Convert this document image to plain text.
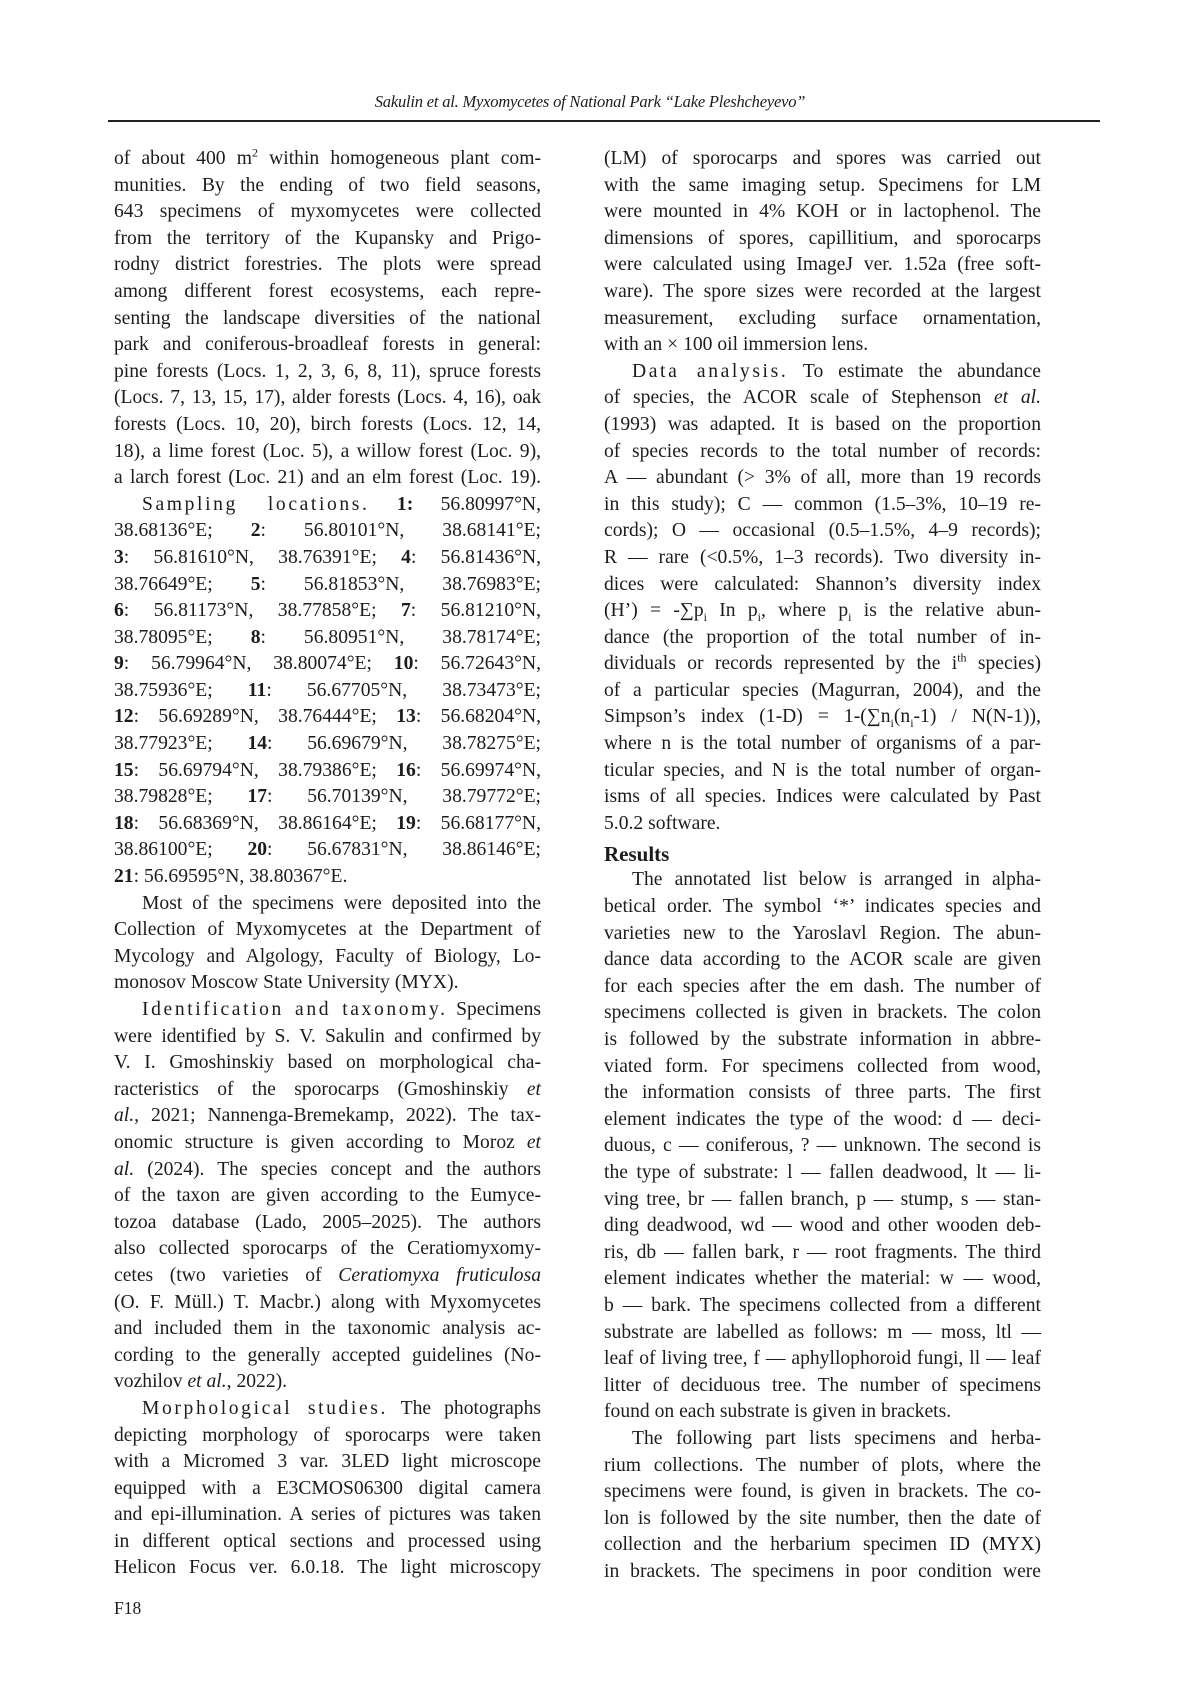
Sakulin et al. Myxomycetes of National Park “Lake Pleshcheyevo”
of about 400 $m^2$ within homogeneous plant com-
munities. By the ending of two field seasons,
643 specimens of myxomycetes were collected
from the territory of the Kupansky and Prigo-
rodny district forestries. The plots were spread
among different forest ecosystems, each repre-
senting the landscape diversities of the national
park and coniferous-broadleaf forests in general:
pine forests (Locs. 1, 2, 3, 6, 8, 11), spruce forests
(Locs. 7, 13, 15, 17), alder forests (Locs. 4, 16), oak
forests (Locs. 10, 20), birch forests (Locs. 12, 14,
18), a lime forest (Loc. 5), a willow forest (Loc. 9),
a larch forest (Loc. 21) and an elm forest (Loc. 19).
Sampling locations. 1: 56.80997°N,
38.68136°E; 2: 56.80101°N, 38.68141°E;
3: 56.81610°N, 38.76391°E; 4: 56.81436°N,
38.76649°E; 5: 56.81853°N, 38.76983°E;
6: 56.81173°N, 38.77858°E; 7: 56.81210°N,
38.78095°E; 8: 56.80951°N, 38.78174°E;
9: 56.79964°N, 38.80074°E; 10: 56.72643°N,
38.75936°E; 11: 56.67705°N, 38.73473°E;
12: 56.69289°N, 38.76444°E; 13: 56.68204°N,
38.77923°E; 14: 56.69679°N, 38.78275°E;
15: 56.69794°N, 38.79386°E; 16: 56.69974°N,
38.79828°E; 17: 56.70139°N, 38.79772°E;
18: 56.68369°N, 38.86164°E; 19: 56.68177°N,
38.86100°E; 20: 56.67831°N, 38.86146°E;
21: 56.69595°N, 38.80367°E.
Most of the specimens were deposited into the
Collection of Myxomycetes at the Department of
Mycology and Algology, Faculty of Biology, Lo-
monosov Moscow State University (MYX).
Identification and taxonomy. Specimens
were identified by S. V. Sakulin and confirmed by
V. I. Gmoshinskiy based on morphological cha-
racteristics of the sporocarps (Gmoshinskiy et
al., 2021; Nannenga-Bremekamp, 2022). The tax-
onomic structure is given according to Moroz et
al. (2024). The species concept and the authors
of the taxon are given according to the Eumyce-
tozoa database (Lado, 2005–2025). The authors
also collected sporocarps of the Ceratiomyxomy-
cetes (two varieties of Ceratiomyxa fruticulosa
(O. F. Müll.) T. Macbr.) along with Myxomycetes
and included them in the taxonomic analysis ac-
cording to the generally accepted guidelines (No-
vozhilov et al., 2022).
Morphological studies. The photographs
depicting morphology of sporocarps were taken
with a Micromed 3 var. 3LED light microscope
equipped with a E3CMOS06300 digital camera
and epi-illumination. A series of pictures was taken
in different optical sections and processed using
Helicon Focus ver. 6.0.18. The light microscopy
(LM) of sporocarps and spores was carried out
with the same imaging setup. Specimens for LM
were mounted in 4% KOH or in lactophenol. The
dimensions of spores, capillitium, and sporocarps
were calculated using ImageJ ver. 1.52a (free soft-
ware). The spore sizes were recorded at the largest
measurement, excluding surface ornamentation,
with an × 100 oil immersion lens.
Data analysis. To estimate the abundance
of species, the ACOR scale of Stephenson et al.
(1993) was adapted. It is based on the proportion
of species records to the total number of records:
A — abundant (> 3% of all, more than 19 records
in this study); C — common (1.5–3%, 10–19 re-
cords); O — occasional (0.5–1.5%, 4–9 records);
R — rare (<0.5%, 1–3 records). Two diversity in-
dices were calculated: Shannon’s diversity index
(H’) = $-\sum p_i$ In $p_i$, where $p_i$ is the relative abun-
dance (the proportion of the total number of in-
dividuals or records represented by the $i^{th}$ species)
of a particular species (Magurran, 2004), and the
Simpson’s index $(1-D) = 1-(\sum n_i(n_i-1) / N(N-1))$,
where n is the total number of organisms of a par-
ticular species, and N is the total number of organ-
isms of all species. Indices were calculated by Past
5.0.2 software.
Results
The annotated list below is arranged in alpha-
betical order. The symbol ‘*’ indicates species and
varieties new to the Yaroslavl Region. The abun-
dance data according to the ACOR scale are given
for each species after the em dash. The number of
specimens collected is given in brackets. The colon
is followed by the substrate information in abbre-
viated form. For specimens collected from wood,
the information consists of three parts. The first
element indicates the type of the wood: d — deci-
duous, c — coniferous, ? — unknown. The second is
the type of substrate: l — fallen deadwood, lt — li-
ving tree, br — fallen branch, p — stump, s — stan-
ding deadwood, wd — wood and other wooden deb-
ris, db — fallen bark, r — root fragments. The third
element indicates whether the material: w — wood,
b — bark. The specimens collected from a different
substrate are labelled as follows: m — moss, ltl —
leaf of living tree, f — aphyllophoroid fungi, ll — leaf
litter of deciduous tree. The number of specimens
found on each substrate is given in brackets.
The following part lists specimens and herba-
rium collections. The number of plots, where the
specimens were found, is given in brackets. The co-
lon is followed by the site number, then the date of
collection and the herbarium specimen ID (MYX)
in brackets. The specimens in poor condition were
F18
